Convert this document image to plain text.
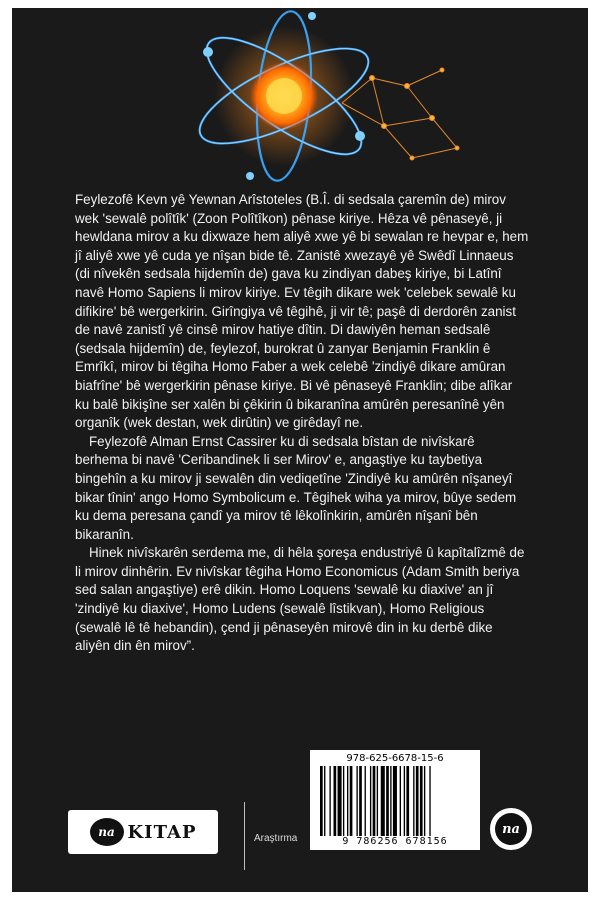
Feylezofê Kevn yê Yewnan Arîstoteles (B.Î. di sedsala çaremîn de) mirov wek 'sewalê polîtîk' (Zoon Polîtîkon) pênase kiriye. Hêza vê pênaseyê, ji hewldana mirov a ku dixwaze hem aliyê xwe yê bi sewalan re hevpar e, hem jî aliyê xwe yê cuda ye nîşan bide tê. Zanistê xwezayê yê Swêdî Linnaeus (di nîvekên sedsala hijdemîn de) gava ku zindiyan dabeş kiriye, bi Latînî navê Homo Sapiens li mirov kiriye. Ev têgih dikare wek 'celebek sewalê ku difikire' bê wergerkirin. Girîngiya vê têgihê, ji vir tê; paşê di derdorên zanist de navê zanistî yê cinsê mirov hatiye dîtin. Di dawiyên heman sedsalê (sedsala hijdemîn) de, feylezof, burokrat û zanyar Benjamin Franklin ê Emrîkî, mirov bi têgiha Homo Faber a wek celebê 'zindiyê dikare amûran biafrîne' bê wergerkirin pênase kiriye. Bi vê pênaseyê Franklin; dibe alîkar ku balê bikişîne ser xalên bi çêkirin û bikaranîna amûrên peresanînê yên organîk (wek destan, wek dirûtin) ve girêdayî ne.

Feylezofê Alman Ernst Cassirer ku di sedsala bîstan de nivîskarê berhema bi navê 'Ceribandinek li ser Mirov' e, angaştiye ku taybetiya bingehîn a ku mirov ji sewalên din vediqetîne 'Zindiyê ku amûrên nîşaneyî bikar tînin' ango Homo Symbolicum e. Têgihek wiha ya mirov, bûye sedem ku dema peresana çandî ya mirov tê lêkolînkirin, amûrên nîşanî bên bikaranîn.

Hinek nivîskarên serdema me, di hêla şoreşa endustriyê û kapîtalîzmê de li mirov dinhêrin. Ev nivîskar têgiha Homo Economicus (Adam Smith beriya sed salan angaştiye) erê dikin. Homo Loquens 'sewalê ku diaxive' an jî 'zindiyê ku diaxive', Homo Ludens (sewalê lîstikvan), Homo Religious (sewalê lê tê hebandin), çend ji pênaseyên mirovê din in ku derbê dike aliyên din ên mirov”.

na KITAP	Araştırma
978-625-6678-15-6
9 786256 678156
na
